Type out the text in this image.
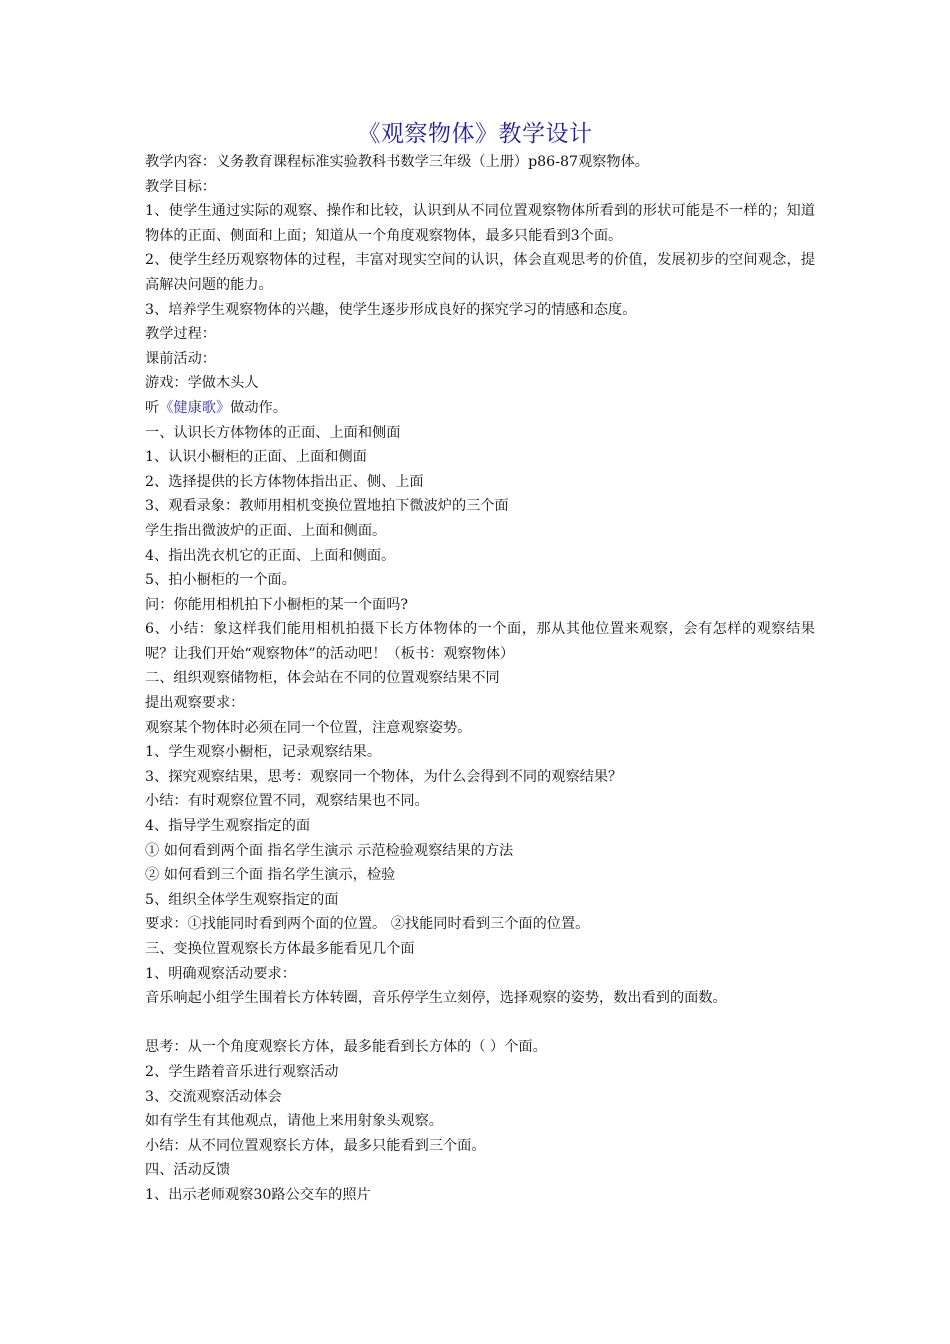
《观察物体》教学设计
教学内容：义务教育课程标准实验教科书数学三年级（上册）p86-87观察物体。
教学目标：
1、使学生通过实际的观察、操作和比较，认识到从不同位置观察物体所看到的形状可能是不一样的；知道物体的正面、侧面和上面；知道从一个角度观察物体，最多只能看到3个面。
2、使学生经历观察物体的过程，丰富对现实空间的认识，体会直观思考的价值，发展初步的空间观念，提高解决问题的能力。
3、培养学生观察物体的兴趣，使学生逐步形成良好的探究学习的情感和态度。
教学过程：
课前活动：
游戏：学做木头人
听《健康歌》做动作。
一、认识长方体物体的正面、上面和侧面
1、认识小橱柜的正面、上面和侧面
2、选择提供的长方体物体指出正、侧、上面
3、观看录象：教师用相机变换位置地拍下微波炉的三个面
学生指出微波炉的正面、上面和侧面。
4、指出洗衣机它的正面、上面和侧面。
5、拍小橱柜的一个面。
问：你能用相机拍下小橱柜的某一个面吗?
6、小结：象这样我们能用相机拍摄下长方体物体的一个面，那从其他位置来观察，会有怎样的观察结果呢？让我们开始“观察物体”的活动吧！（板书：观察物体）
二、组织观察储物柜，体会站在不同的位置观察结果不同
提出观察要求：
观察某个物体时必须在同一个位置，注意观察姿势。
1、学生观察小橱柜，记录观察结果。
3、探究观察结果，思考：观察同一个物体，为什么会得到不同的观察结果？
小结：有时观察位置不同，观察结果也不同。
4、指导学生观察指定的面
① 如何看到两个面 指名学生演示 示范检验观察结果的方法
② 如何看到三个面 指名学生演示，检验
5、组织全体学生观察指定的面
要求：①找能同时看到两个面的位置。 ②找能同时看到三个面的位置。
三、变换位置观察长方体最多能看见几个面
1、明确观察活动要求：
音乐响起小组学生围着长方体转圈，音乐停学生立刻停，选择观察的姿势，数出看到的面数。
思考：从一个角度观察长方体，最多能看到长方体的（ ）个面。
2、学生踏着音乐进行观察活动
3、交流观察活动体会
如有学生有其他观点，请他上来用射象头观察。
小结：从不同位置观察长方体，最多只能看到三个面。
四、活动反馈
1、出示老师观察30路公交车的照片
